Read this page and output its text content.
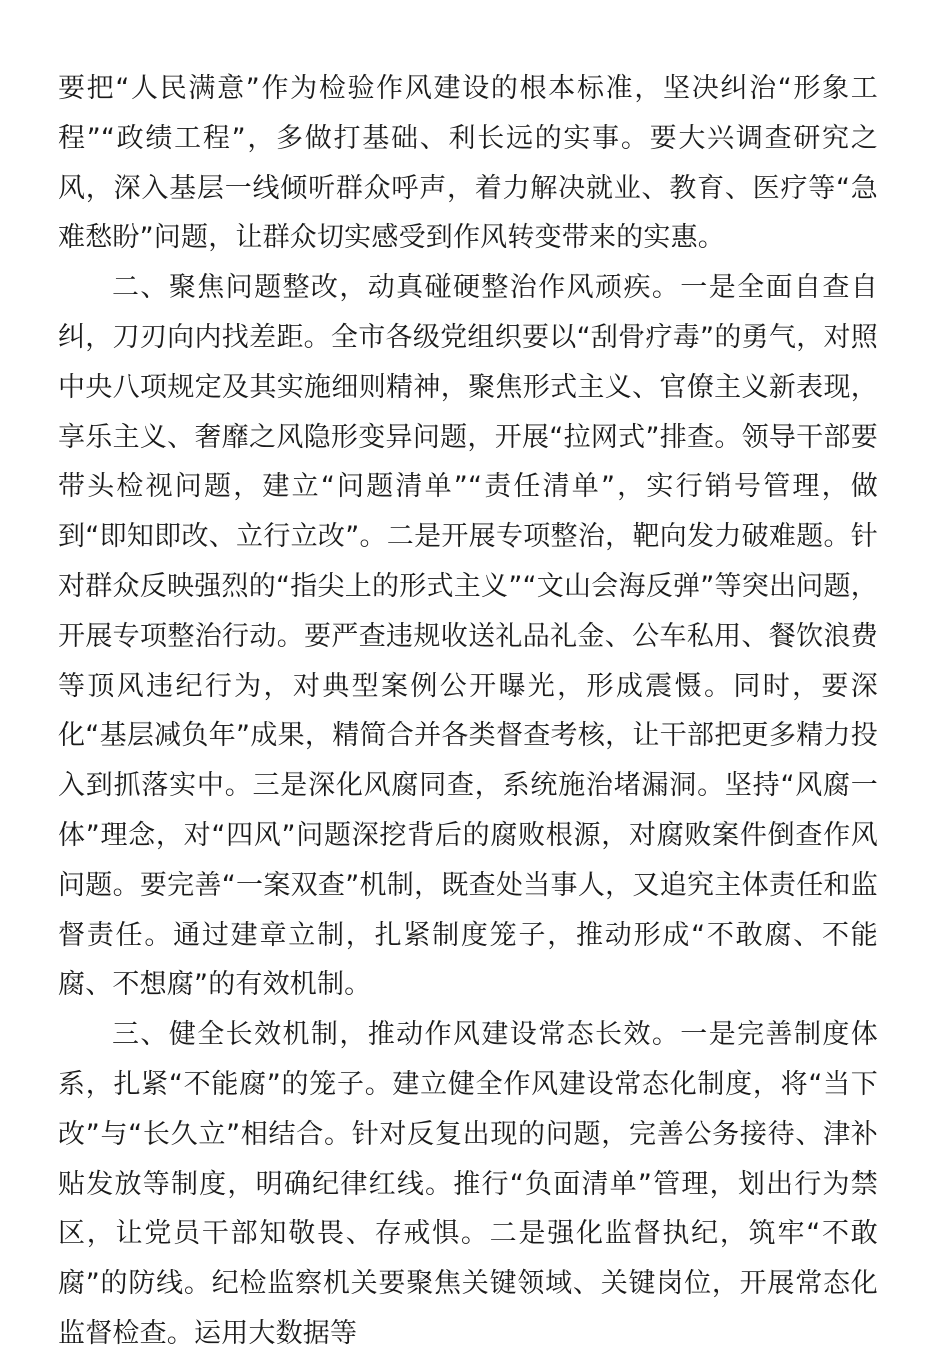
要把“人民满意”作为检验作风建设的根本标准，坚决纠治“形象工程”“政绩工程”，多做打基础、利长远的实事。要大兴调查研究之风，深入基层一线倾听群众呼声，着力解决就业、教育、医疗等“急难愁盼”问题，让群众切实感受到作风转变带来的实惠。

二、聚焦问题整改，动真碰硬整治作风顽疾。一是全面自查自纠，刀刃向内找差距。全市各级党组织要以“刮骨疗毒”的勇气，对照中央八项规定及其实施细则精神，聚焦形式主义、官僚主义新表现，享乐主义、奢靡之风隐形变异问题，开展“拉网式”排查。领导干部要带头检视问题，建立“问题清单”“责任清单”，实行销号管理，做到“即知即改、立行立改”。二是开展专项整治，靶向发力破难题。针对群众反映强烈的“指尖上的形式主义”“文山会海反弹”等突出问题，开展专项整治行动。要严查违规收送礼品礼金、公车私用、餐饮浪费等顶风违纪行为，对典型案例公开曝光，形成震慑。同时，要深化“基层减负年”成果，精简合并各类督查考核，让干部把更多精力投入到抓落实中。三是深化风腐同查，系统施治堵漏洞。坚持“风腐一体”理念，对“四风”问题深挖背后的腐败根源，对腐败案件倒查作风问题。要完善“一案双查”机制，既查处当事人，又追究主体责任和监督责任。通过建章立制，扎紧制度笼子，推动形成“不敢腐、不能腐、不想腐”的有效机制。

三、健全长效机制，推动作风建设常态长效。一是完善制度体系，扎紧“不能腐”的笼子。建立健全作风建设常态化制度，将“当下改”与“长久立”相结合。针对反复出现的问题，完善公务接待、津补贴发放等制度，明确纪律红线。推行“负面清单”管理，划出行为禁区，让党员干部知敬畏、存戒惧。二是强化监督执纪，筑牢“不敢腐”的防线。纪检监察机关要聚焦关键领域、关键岗位，开展常态化监督检查。运用大数据等
